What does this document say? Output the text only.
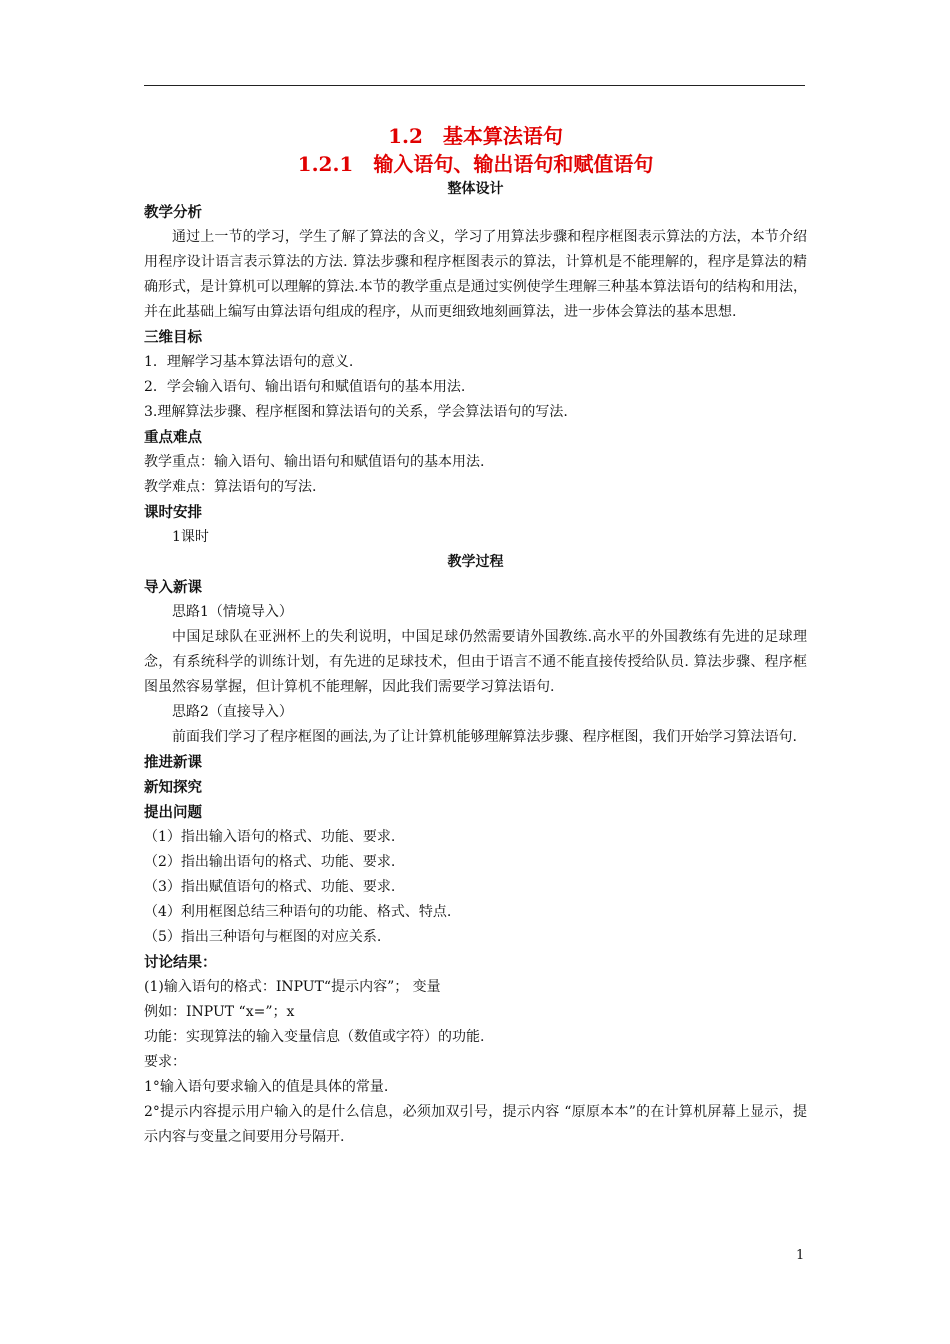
1.2 基本算法语句
1.2.1 输入语句、输出语句和赋值语句
整体设计
教学分析
通过上一节的学习，学生了解了算法的含义，学习了用算法步骤和程序框图表示算法的方法，本节介绍用程序设计语言表示算法的方法. 算法步骤和程序框图表示的算法，计算机是不能理解的，程序是算法的精确形式，是计算机可以理解的算法.本节的教学重点是通过实例使学生理解三种基本算法语句的结构和用法，并在此基础上编写由算法语句组成的程序，从而更细致地刻画算法，进一步体会算法的基本思想.
三维目标
1．理解学习基本算法语句的意义.
2．学会输入语句、输出语句和赋值语句的基本用法.
3.理解算法步骤、程序框图和算法语句的关系，学会算法语句的写法.
重点难点
教学重点：输入语句、输出语句和赋值语句的基本用法.
教学难点：算法语句的写法.
课时安排
1课时
教学过程
导入新课
思路1（情境导入）
中国足球队在亚洲杯上的失利说明，中国足球仍然需要请外国教练.高水平的外国教练有先进的足球理念，有系统科学的训练计划，有先进的足球技术，但由于语言不通不能直接传授给队员. 算法步骤、程序框图虽然容易掌握，但计算机不能理解，因此我们需要学习算法语句.
思路2（直接导入）
前面我们学习了程序框图的画法,为了让计算机能够理解算法步骤、程序框图，我们开始学习算法语句.
推进新课
新知探究
提出问题
（1）指出输入语句的格式、功能、要求.
（2）指出输出语句的格式、功能、要求.
（3）指出赋值语句的格式、功能、要求.
（4）利用框图总结三种语句的功能、格式、特点.
（5）指出三种语句与框图的对应关系.
讨论结果：
(1)输入语句的格式：INPUT“提示内容”； 变量
例如：INPUT “x=”；x
功能：实现算法的输入变量信息（数值或字符）的功能.
要求：
1°输入语句要求输入的值是具体的常量.
2°提示内容提示用户输入的是什么信息，必须加双引号，提示内容 “原原本本”的在计算机屏幕上显示，提示内容与变量之间要用分号隔开.
1
